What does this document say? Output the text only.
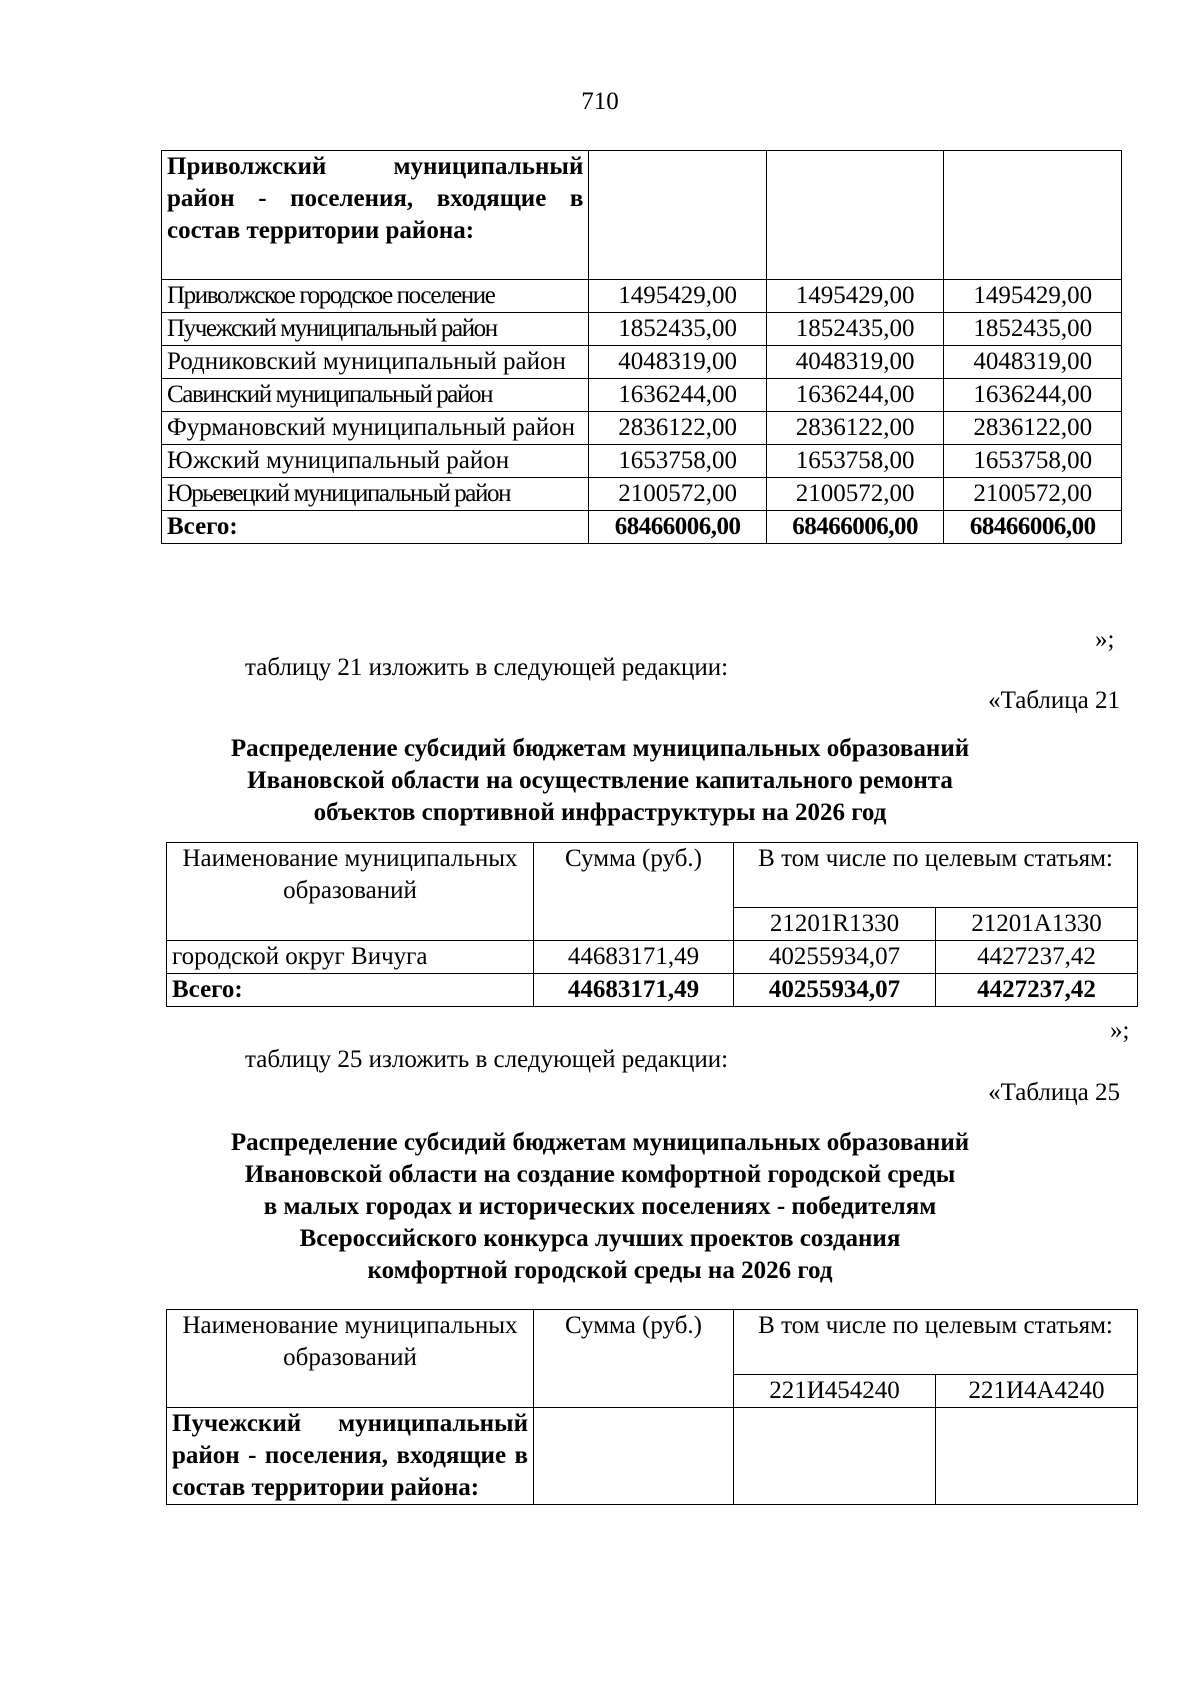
710
Приволжский муниципальный район - поселения, входящие в состав территории района:			
Приволжское городское поселение	1495429,00	1495429,00	1495429,00
Пучежский муниципальный район	1852435,00	1852435,00	1852435,00
Родниковский муниципальный район	4048319,00	4048319,00	4048319,00
Савинский муниципальный район	1636244,00	1636244,00	1636244,00
Фурмановский муниципальный район	2836122,00	2836122,00	2836122,00
Южский муниципальный район	1653758,00	1653758,00	1653758,00
Юрьевецкий муниципальный район	2100572,00	2100572,00	2100572,00
Всего:	68466006,00	68466006,00	68466006,00
»;
таблицу 21 изложить в следующей редакции:
«Таблица 21
Распределение субсидий бюджетам муниципальных образований
Ивановской области на осуществление капитального ремонта
объектов спортивной инфраструктуры на 2026 год
Наименование муниципальных образований	Сумма (руб.)	В том числе по целевым статьям:	
		21201R1330	21201A1330
городской округ Вичуга	44683171,49	40255934,07	4427237,42
Всего:	44683171,49	40255934,07	4427237,42
»;
таблицу 25 изложить в следующей редакции:
«Таблица 25
Распределение субсидий бюджетам муниципальных образований
Ивановской области на создание комфортной городской среды
в малых городах и исторических поселениях - победителям
Всероссийского конкурса лучших проектов создания
комфортной городской среды на 2026 год
Наименование муниципальных образований	Сумма (руб.)	В том числе по целевым статьям:	
		221И454240	221И4А4240
Пучежский муниципальный район - поселения, входящие в состав территории района:			
